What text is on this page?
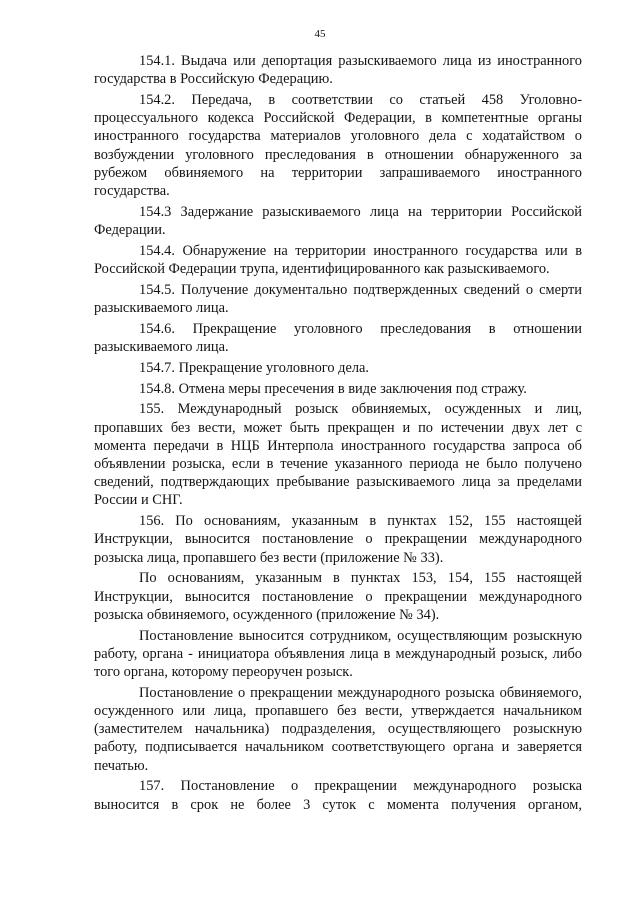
45

154.1. Выдача или депортация разыскиваемого лица из иностранного государства в Российскую Федерацию.

154.2. Передача, в соответствии со статьей 458 Уголовно-процессуального кодекса Российской Федерации, в компетентные органы иностранного государства материалов уголовного дела с ходатайством о возбуждении уголовного преследования в отношении обнаруженного за рубежом обвиняемого на территории запрашиваемого иностранного государства.

154.3 Задержание разыскиваемого лица на территории Российской Федерации.

154.4. Обнаружение на территории иностранного государства или в Российской Федерации трупа, идентифицированного как разыскиваемого.

154.5. Получение документально подтвержденных сведений о смерти разыскиваемого лица.

154.6. Прекращение уголовного преследования в отношении разыскиваемого лица.

154.7. Прекращение уголовного дела.

154.8. Отмена меры пресечения в виде заключения под стражу.

155. Международный розыск обвиняемых, осужденных и лиц, пропавших без вести, может быть прекращен и по истечении двух лет с момента передачи в НЦБ Интерпола иностранного государства запроса об объявлении розыска, если в течение указанного периода не было получено сведений, подтверждающих пребывание разыскиваемого лица за пределами России и СНГ.

156. По основаниям, указанным в пунктах 152, 155 настоящей Инструкции, выносится постановление о прекращении международного розыска лица, пропавшего без вести (приложение № 33).

По основаниям, указанным в пунктах 153, 154, 155 настоящей Инструкции, выносится постановление о прекращении международного розыска обвиняемого, осужденного (приложение № 34).

Постановление выносится сотрудником, осуществляющим розыскную работу, органа - инициатора объявления лица в международный розыск, либо того органа, которому переоручен розыск.

Постановление о прекращении международного розыска обвиняемого, осужденного или лица, пропавшего без вести, утверждается начальником (заместителем начальника) подразделения, осуществляющего розыскную работу, подписывается начальником соответствующего органа и заверяется печатью.

157. Постановление о прекращении международного розыска выносится в срок не более 3 суток с момента получения органом,
